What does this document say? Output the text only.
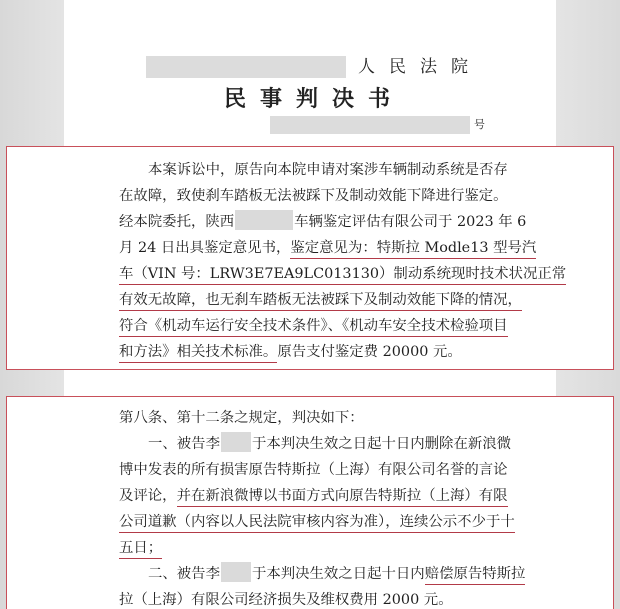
人民法院
民事判决书
号
本案诉讼中，原告向本院申请对案涉车辆制动系统是否存
在故障，致使刹车踏板无法被踩下及制动效能下降进行鉴定。
经本院委托，陕西	车辆鉴定评估有限公司于 2023 年 6
月 24 日出具鉴定意见书，鉴定意见为：特斯拉 Modle13 型号汽
车（VIN 号：LRW3E7EA9LC013130）制动系统现时技术状况正常
有效无故障，也无刹车踏板无法被踩下及制动效能下降的情况，
符合《机动车运行安全技术条件》、《机动车安全技术检验项目
和方法》相关技术标准。原告支付鉴定费 20000 元。
第八条、第十二条之规定，判决如下：
一、被告李 于本判决生效之日起十日内删除在新浪微
博中发表的所有损害原告特斯拉（上海）有限公司名誉的言论
及评论，并在新浪微博以书面方式向原告特斯拉（上海）有限
公司道歉（内容以人民法院审核内容为准），连续公示不少于十
五日；
二、被告李 于本判决生效之日起十日内赔偿原告特斯拉
拉（上海）有限公司经济损失及维权费用 2000 元。
